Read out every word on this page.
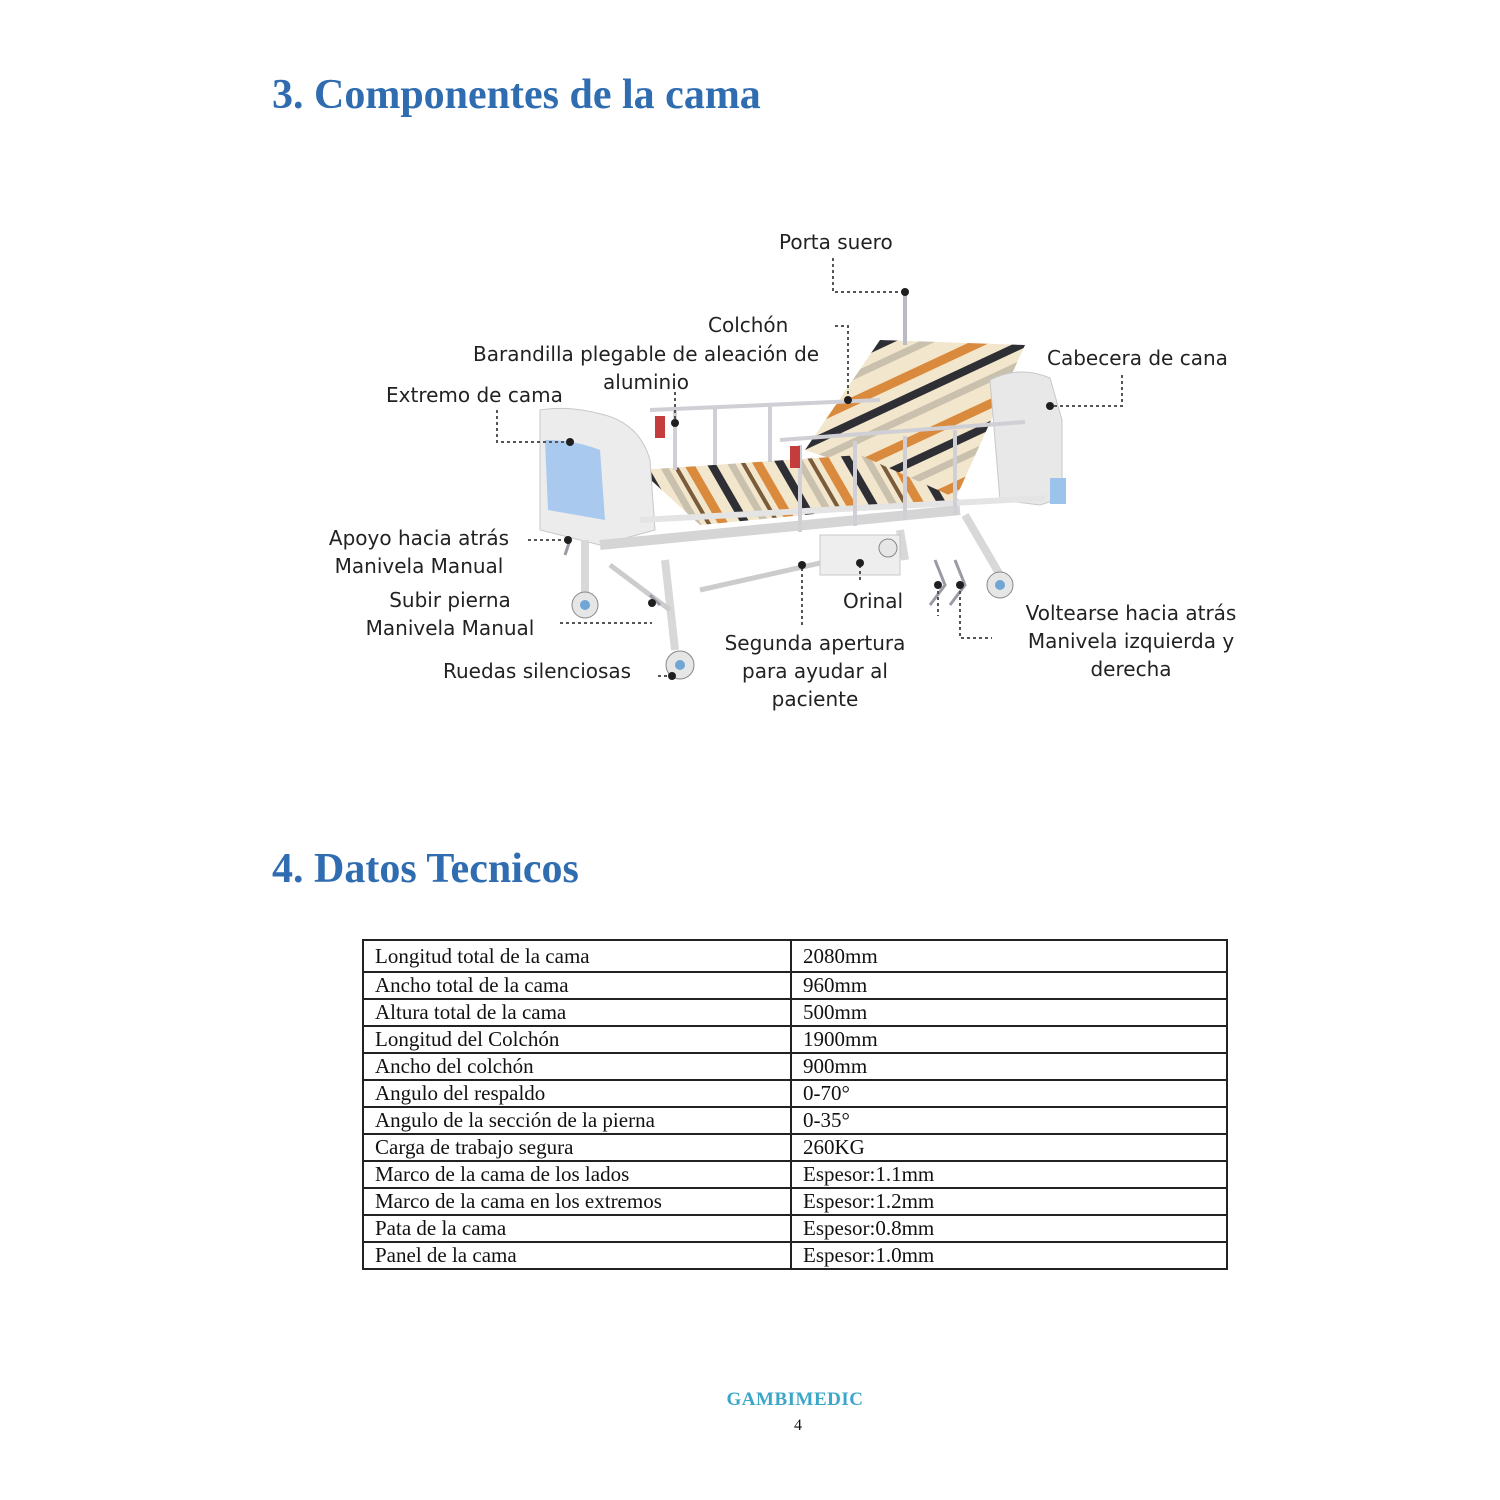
3. Componentes de la cama
Porta suero
Colchón
Barandilla plegable de aleación de
aluminio
Cabecera de cana
Extremo de cama
Apoyo hacia atrás
Manivela Manual
Subir pierna
Manivela Manual
Ruedas silenciosas
Orinal
Segunda apertura
para ayudar al
paciente
Voltearse hacia atrás
Manivela izquierda y
derecha
4. Datos Tecnicos
Longitud total de la cama	2080mm
Ancho total de la cama	960mm
Altura total de la cama	500mm
Longitud del Colchón	1900mm
Ancho del colchón	900mm
Angulo del respaldo	0-70°
Angulo de la sección de la pierna	0-35°
Carga de trabajo segura	260KG
Marco de la cama de los lados	Espesor:1.1mm
Marco de la cama en los extremos	Espesor:1.2mm
Pata de la cama	Espesor:0.8mm
Panel de la cama	Espesor:1.0mm
GAMBIMEDIC
4
